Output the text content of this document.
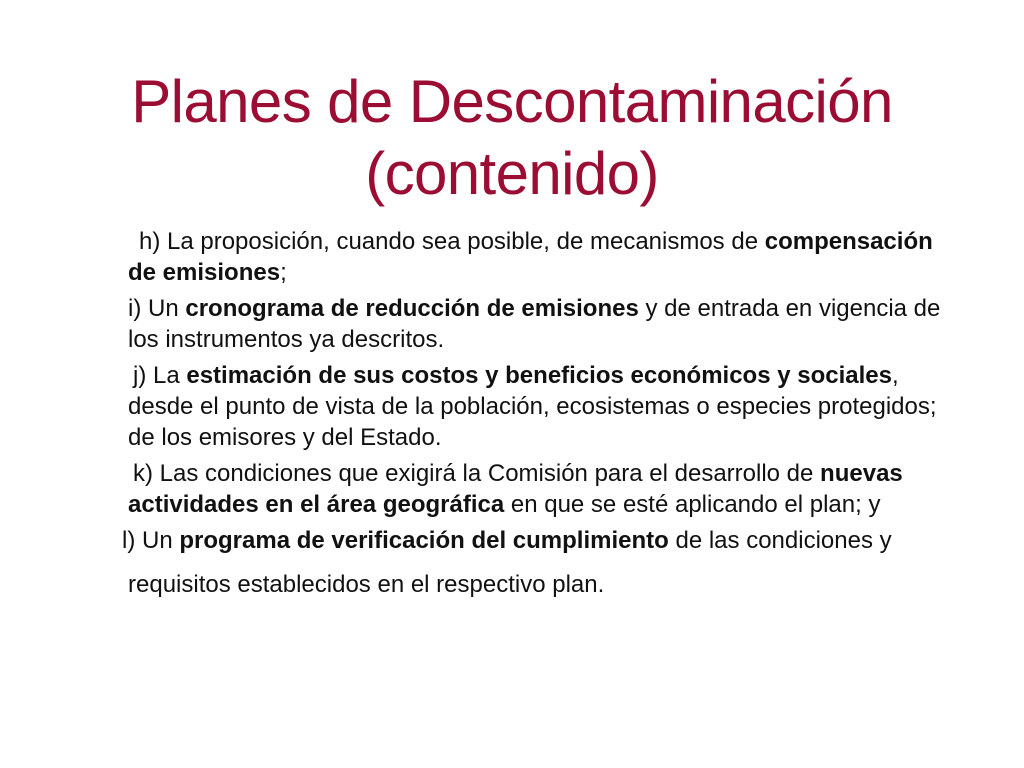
Planes de Descontaminación
(contenido)

h) La proposición, cuando sea posible, de mecanismos de compensación de emisiones;

i) Un cronograma de reducción de emisiones y de entrada en vigencia de los instrumentos ya descritos.

j) La estimación de sus costos y beneficios económicos y sociales, desde el punto de vista de la población, ecosistemas o especies protegidos; de los emisores y del Estado.

k) Las condiciones que exigirá la Comisión para el desarrollo de nuevas actividades en el área geográfica en que se esté aplicando el plan; y

l) Un programa de verificación del cumplimiento de las condiciones y requisitos establecidos en el respectivo plan.
